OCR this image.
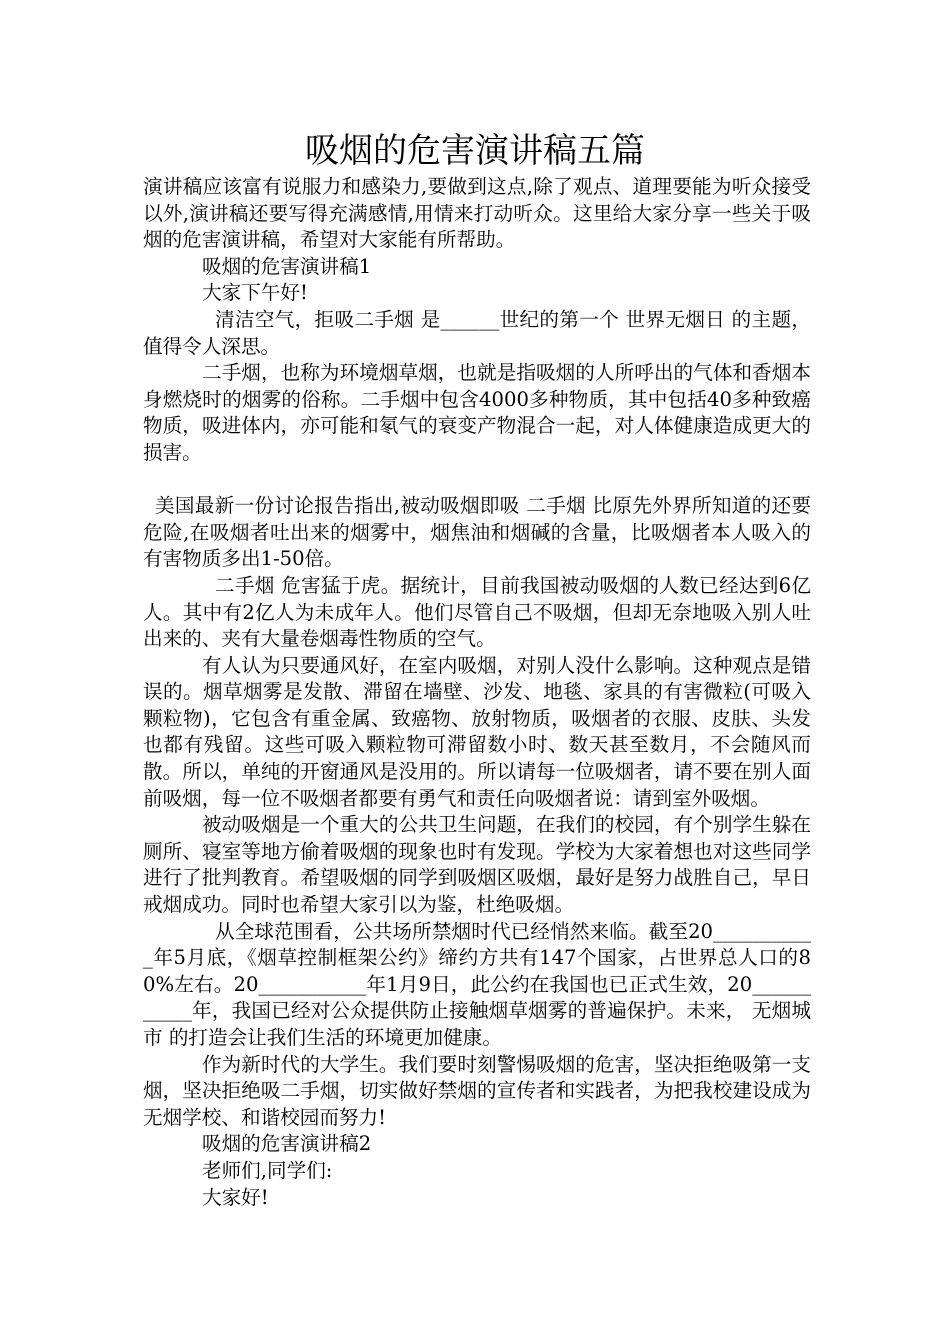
吸烟的危害演讲稿五篇

演讲稿应该富有说服力和感染力,要做到这点,除了观点、道理要能为听众接受以外,演讲稿还要写得充满感情,用情来打动听众。这里给大家分享一些关于吸烟的危害演讲稿，希望对大家能有所帮助。

吸烟的危害演讲稿1

大家下午好!

清洁空气，拒吸二手烟 是______世纪的第一个 世界无烟日 的主题，值得令人深思。

二手烟，也称为环境烟草烟，也就是指吸烟的人所呼出的气体和香烟本身燃烧时的烟雾的俗称。二手烟中包含4000多种物质，其中包括40多种致癌物质，吸进体内，亦可能和氡气的衰变产物混合一起，对人体健康造成更大的损害。

美国最新一份讨论报告指出,被动吸烟即吸 二手烟 比原先外界所知道的还要危险,在吸烟者吐出来的烟雾中，烟焦油和烟碱的含量，比吸烟者本人吸入的有害物质多出1-50倍。

二手烟 危害猛于虎。据统计，目前我国被动吸烟的人数已经达到6亿人。其中有2亿人为未成年人。他们尽管自己不吸烟，但却无奈地吸入别人吐出来的、夹有大量卷烟毒性物质的空气。

有人认为只要通风好，在室内吸烟，对别人没什么影响。这种观点是错误的。烟草烟雾是发散、滞留在墙壁、沙发、地毯、家具的有害微粒(可吸入颗粒物)，它包含有重金属、致癌物、放射物质，吸烟者的衣服、皮肤、头发也都有残留。这些可吸入颗粒物可滞留数小时、数天甚至数月，不会随风而散。所以，单纯的开窗通风是没用的。所以请每一位吸烟者，请不要在别人面前吸烟，每一位不吸烟者都要有勇气和责任向吸烟者说：请到室外吸烟。

被动吸烟是一个重大的公共卫生问题，在我们的校园，有个别学生躲在厕所、寝室等地方偷着吸烟的现象也时有发现。学校为大家着想也对这些同学进行了批判教育。希望吸烟的同学到吸烟区吸烟，最好是努力战胜自己，早日戒烟成功。同时也希望大家引以为鉴，杜绝吸烟。

从全球范围看，公共场所禁烟时代已经悄然来临。截至20___________年5月底，《烟草控制框架公约》缔约方共有147个国家，占世界总人口的80%左右。20___________年1月9日，此公约在我国也已正式生效，20___________年，我国已经对公众提供防止接触烟草烟雾的普遍保护。未来， 无烟城市 的打造会让我们生活的环境更加健康。

作为新时代的大学生。我们要时刻警惕吸烟的危害，坚决拒绝吸第一支烟，坚决拒绝吸二手烟，切实做好禁烟的宣传者和实践者，为把我校建设成为无烟学校、和谐校园而努力!

吸烟的危害演讲稿2

老师们,同学们:

大家好!
